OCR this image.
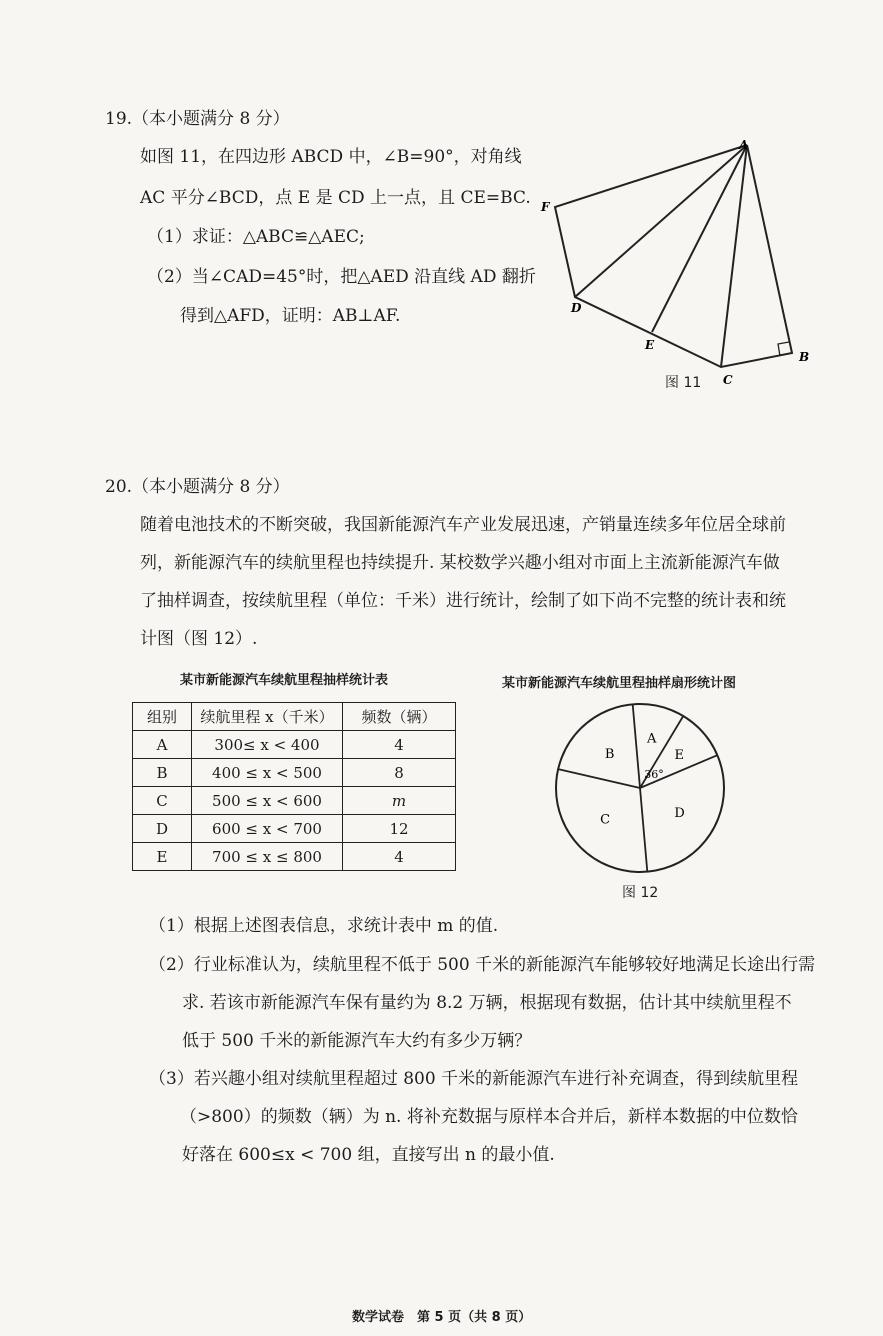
19.（本小题满分 8 分）
如图 11，在四边形 ABCD 中，∠B=90°，对角线
AC 平分∠BCD，点 E 是 CD 上一点，且 CE=BC.
（1）求证：△ABC≌△AEC;
（2）当∠CAD=45°时，把△AED 沿直线 AD 翻折
得到△AFD，证明：AB⊥AF.
A
F
D
E
C
B
图 11
20.（本小题满分 8 分）
随着电池技术的不断突破，我国新能源汽车产业发展迅速，产销量连续多年位居全球前
列，新能源汽车的续航里程也持续提升. 某校数学兴趣小组对市面上主流新能源汽车做
了抽样调查，按续航里程（单位：千米）进行统计，绘制了如下尚不完整的统计表和统
计图（图 12）.
某市新能源汽车续航里程抽样统计表
组别	续航里程 x（千米）	频数（辆）
A	300≤ x < 400	4
B	400 ≤ x < 500	8
C	500 ≤ x < 600	m
D	600 ≤ x < 700	12
E	700 ≤ x ≤ 800	4
某市新能源汽车续航里程抽样扇形统计图
A
E
D
C
B
36°
图 12
（1）根据上述图表信息，求统计表中 m 的值.
（2）行业标准认为，续航里程不低于 500 千米的新能源汽车能够较好地满足长途出行需
求. 若该市新能源汽车保有量约为 8.2 万辆，根据现有数据，估计其中续航里程不
低于 500 千米的新能源汽车大约有多少万辆？
（3）若兴趣小组对续航里程超过 800 千米的新能源汽车进行补充调查，得到续航里程
（>800）的频数（辆）为 n. 将补充数据与原样本合并后，新样本数据的中位数恰
好落在 600≤x < 700 组，直接写出 n 的最小值.
数学试卷　第 5 页（共 8 页）
